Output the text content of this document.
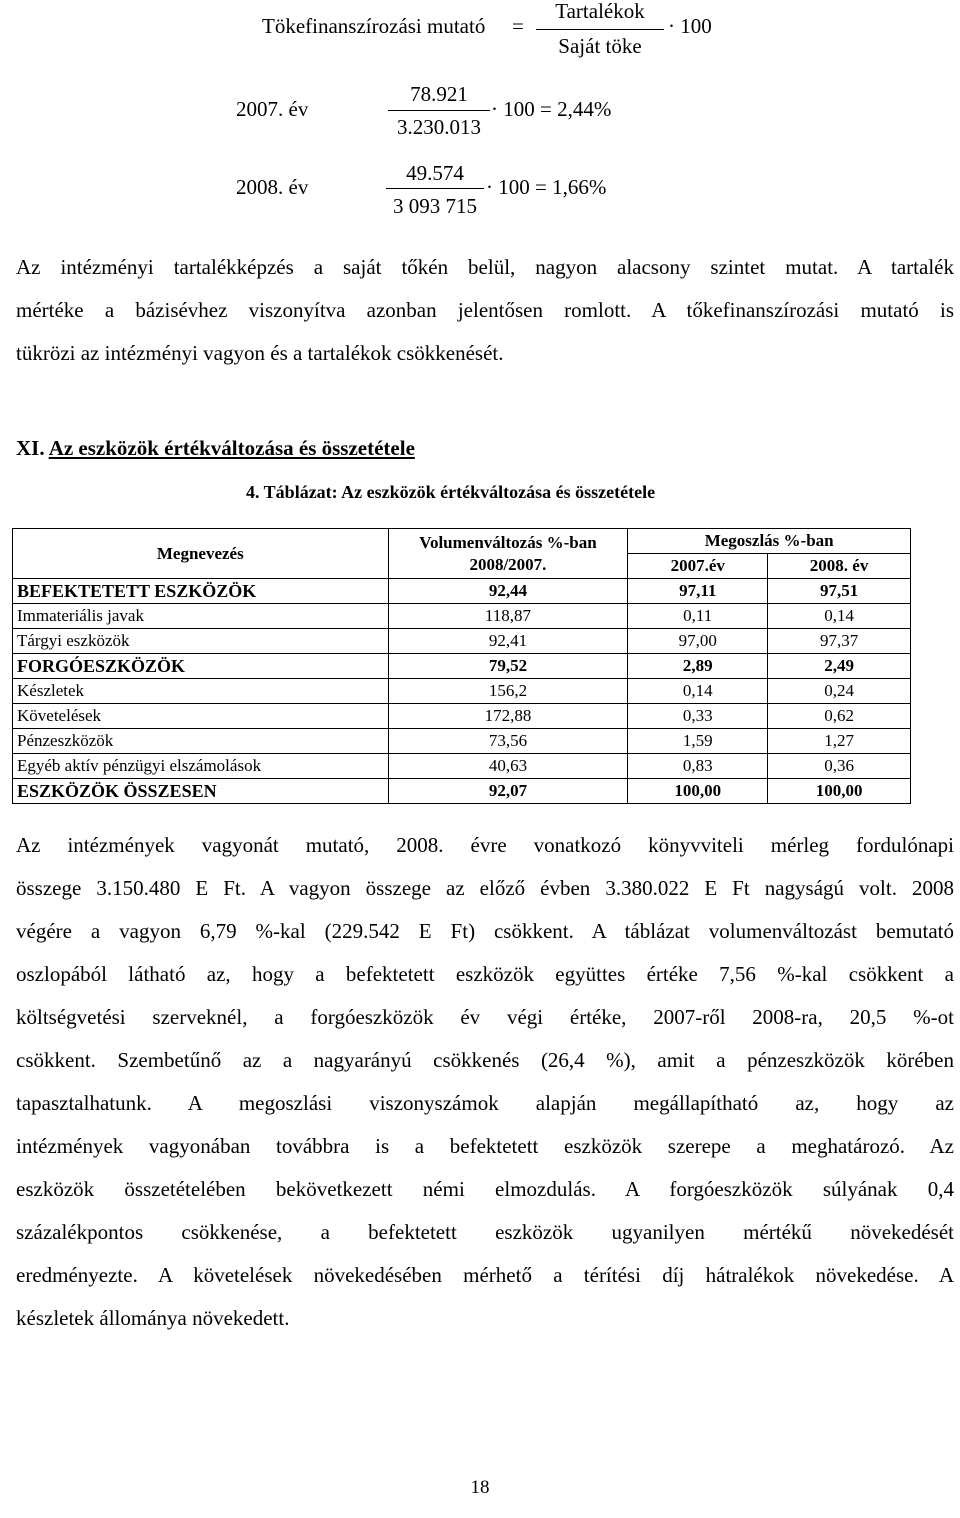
Tökefinanszírozási mutató =
Tartalékok
Saját töke
· 100
2007. év
78.921
3.230.013
· 100 = 2,44%
2008. év
49.574
3 093 715
· 100 = 1,66%
Az intézményi tartalékképzés a saját tőkén belül, nagyon alacsony szintet mutat. A tartalék
mértéke a bázisévhez viszonyítva azonban jelentősen romlott. A tőkefinanszírozási mutató is
tükrözi az intézményi vagyon és a tartalékok csökkenését.
XI. Az eszközök értékváltozása és összetétele
4. Táblázat: Az eszközök értékváltozása és összetétele
Megnevezés	Volumenváltozás %-ban 2008/2007.	Megoszlás %-ban	
		2007.év	2008. év
BEFEKTETETT ESZKÖZÖK	92,44	97,11	97,51
Immateriális javak	118,87	0,11	0,14
Tárgyi eszközök	92,41	97,00	97,37
FORGÓESZKÖZÖK	79,52	2,89	2,49
Készletek	156,2	0,14	0,24
Követelések	172,88	0,33	0,62
Pénzeszközök	73,56	1,59	1,27
Egyéb aktív pénzügyi elszámolások	40,63	0,83	0,36
ESZKÖZÖK ÖSSZESEN	92,07	100,00	100,00
Az intézmények vagyonát mutató, 2008. évre vonatkozó könyvviteli mérleg fordulónapi
összege 3.150.480 E Ft. A vagyon összege az előző évben 3.380.022 E Ft nagyságú volt. 2008
végére a vagyon 6,79 %-kal (229.542 E Ft) csökkent. A táblázat volumenváltozást bemutató
oszlopából látható az, hogy a befektetett eszközök együttes értéke 7,56 %-kal csökkent a
költségvetési szerveknél, a forgóeszközök év végi értéke, 2007-ről 2008-ra, 20,5 %-ot
csökkent. Szembetűnő az a nagyarányú csökkenés (26,4 %), amit a pénzeszközök körében
tapasztalhatunk. A megoszlási viszonyszámok alapján megállapítható az, hogy az
intézmények vagyonában továbbra is a befektetett eszközök szerepe a meghatározó. Az
eszközök összetételében bekövetkezett némi elmozdulás. A forgóeszközök súlyának 0,4
százalékpontos csökkenése, a befektetett eszközök ugyanilyen mértékű növekedését
eredményezte. A követelések növekedésében mérhető a térítési díj hátralékok növekedése. A
készletek állománya növekedett.
18
